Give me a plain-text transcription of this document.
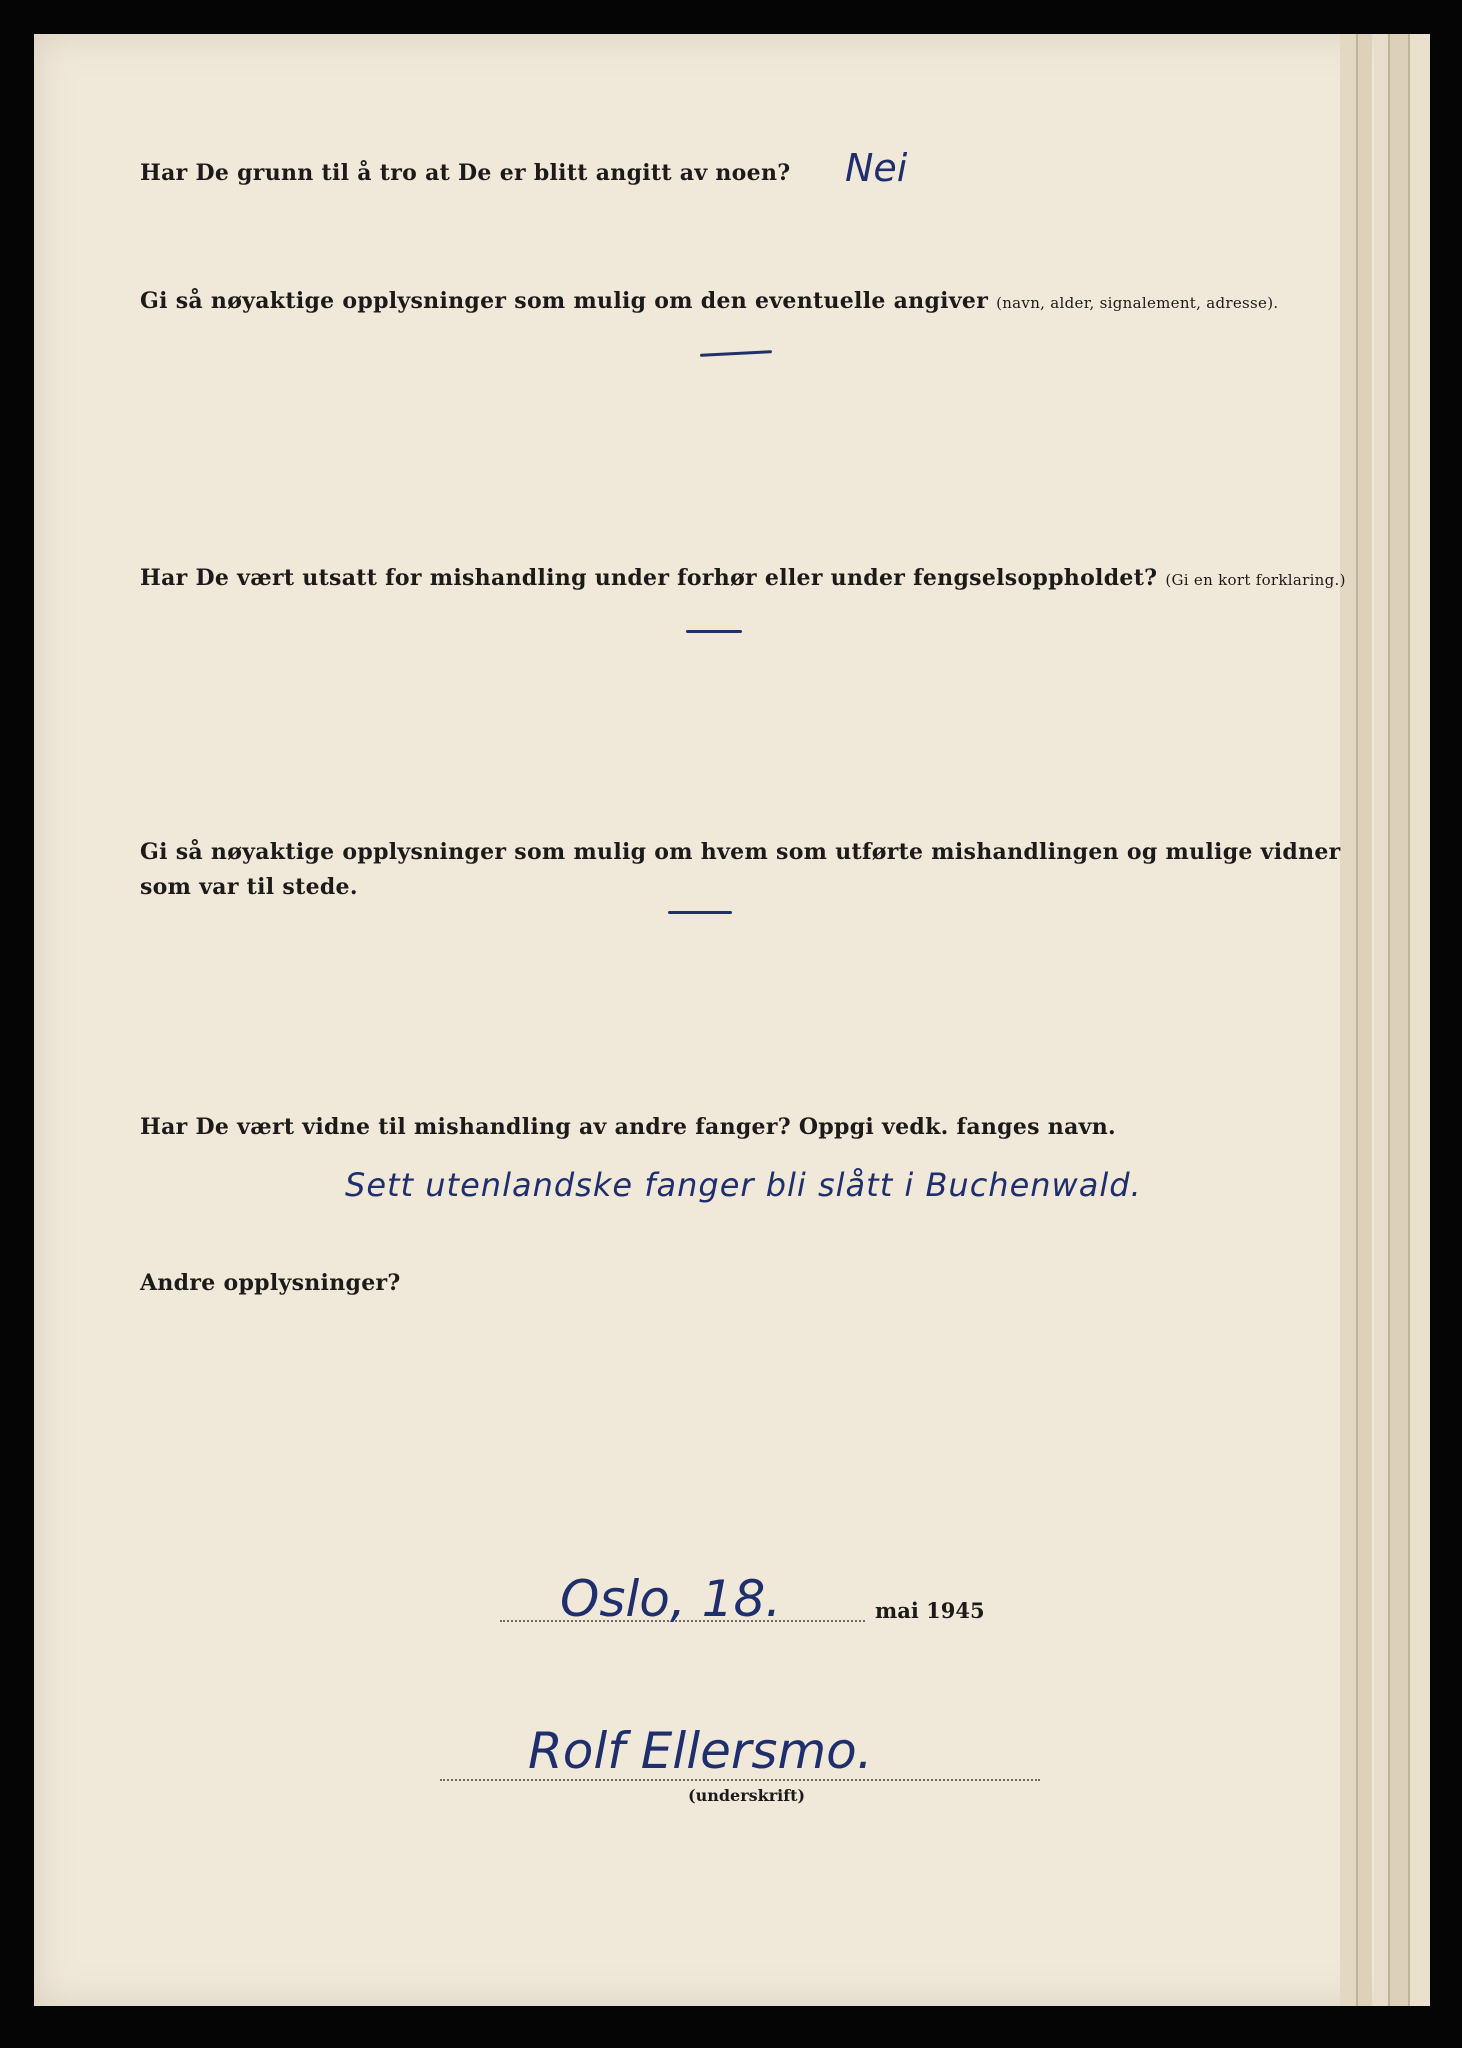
Har De grunn til å tro at De er blitt angitt av noen? Nei
Gi så nøyaktige opplysninger som mulig om den eventuelle angiver (navn, alder, signalement, adresse).
Har De vært utsatt for mishandling under forhør eller under fengselsoppholdet? (Gi en kort forklaring.)
Gi så nøyaktige opplysninger som mulig om hvem som utførte mishandlingen og mulige vidner som var til stede.
Har De vært vidne til mishandling av andre fanger? Oppgi vedk. fanges navn.
Sett utenlandske fanger bli slått i Buchenwald.
Andre opplysninger?
Oslo, 18.	mai 1945
Rolf Ellersmo.
(underskrift)
